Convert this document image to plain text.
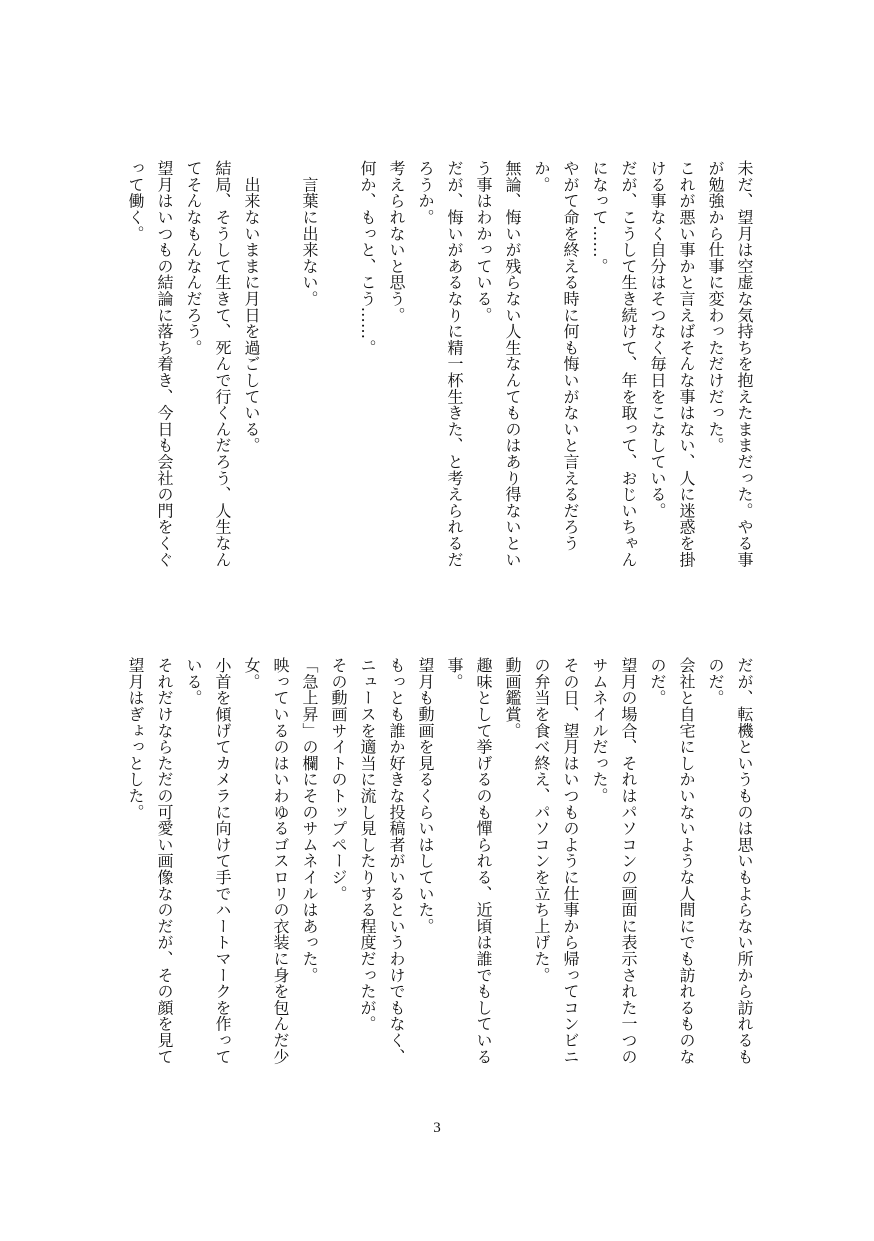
未だ、望月は空虚な気持ちを抱えたままだった。やる事
が勉強から仕事に変わっただけだった。
これが悪い事かと言えばそんな事はない、人に迷惑を掛
ける事なく自分はそつなく毎日をこなしている。
だが、こうして生き続けて、年を取って、おじいちゃん
になって……。
やがて命を終える時に何も悔いがないと言えるだろう
か。
無論、悔いが残らない人生なんてものはあり得ないとい
う事はわかっている。
だが、悔いがあるなりに精一杯生きた、と考えられるだ
ろうか。
考えられないと思う。
何か、もっと、こう……。

　言葉に出来ない。

　出来ないままに月日を過ごしている。
結局、そうして生きて、死んで行くんだろう、人生なん
てそんなもんなんだろう。
望月はいつもの結論に落ち着き、今日も会社の門をくぐ
って働く。
だが、転機というものは思いもよらない所から訪れるも
のだ。
会社と自宅にしかいないような人間にでも訪れるものな
のだ。
望月の場合、それはパソコンの画面に表示された一つの
サムネイルだった。
その日、望月はいつものように仕事から帰ってコンビニ
の弁当を食べ終え、パソコンを立ち上げた。
動画鑑賞。
趣味として挙げるのも憚られる、近頃は誰でもしている
事。
望月も動画を見るくらいはしていた。
もっとも誰か好きな投稿者がいるというわけでもなく、
ニュースを適当に流し見したりする程度だったが。
その動画サイトのトップページ。
「急上昇」の欄にそのサムネイルはあった。
映っているのはいわゆるゴスロリの衣装に身を包んだ少
女。
小首を傾げてカメラに向けて手でハートマークを作って
いる。
それだけならただの可愛い画像なのだが、その顔を見て
望月はぎょっとした。
3
